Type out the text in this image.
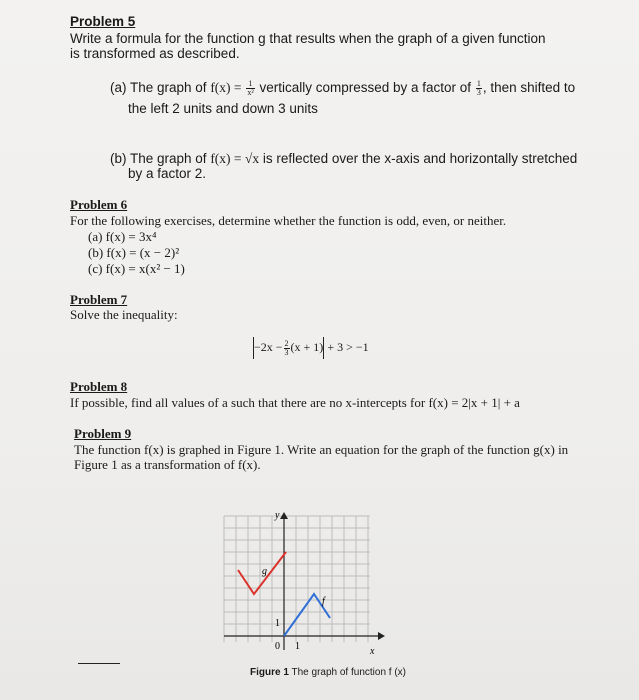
Problem 5
Write a formula for the function g that results when the graph of a given function
is transformed as described.
(a) The graph of $f(x) = \frac{1}{\text{x²}}$ vertically compressed by a factor of $\frac{1}{3}$ , then shifted to
the left 2 units and down 3 units
(b) The graph of f(x) = √x is reflected over the x-axis and horizontally stretched
by a factor 2.
Problem 6
For the following exercises, determine whether the function is odd, even, or neither.
(a) f(x) = 3x⁴
(b) f(x) = (x − 2)²
(c) f(x) = x(x² − 1)
Problem 7
Solve the inequality:
$-2x - \frac{2}{3} (x + 1) + 3 > -1$
Problem 8
If possible, find all values of a such that there are no x-intercepts for f(x) = 2|x + 1| + a
Problem 9
The function f(x) is graphed in Figure 1. Write an equation for the graph of the function g(x) in
Figure 1 as a transformation of f(x).
y
x
g
f
1
0 1
Figure 1 The graph of function f (x)
